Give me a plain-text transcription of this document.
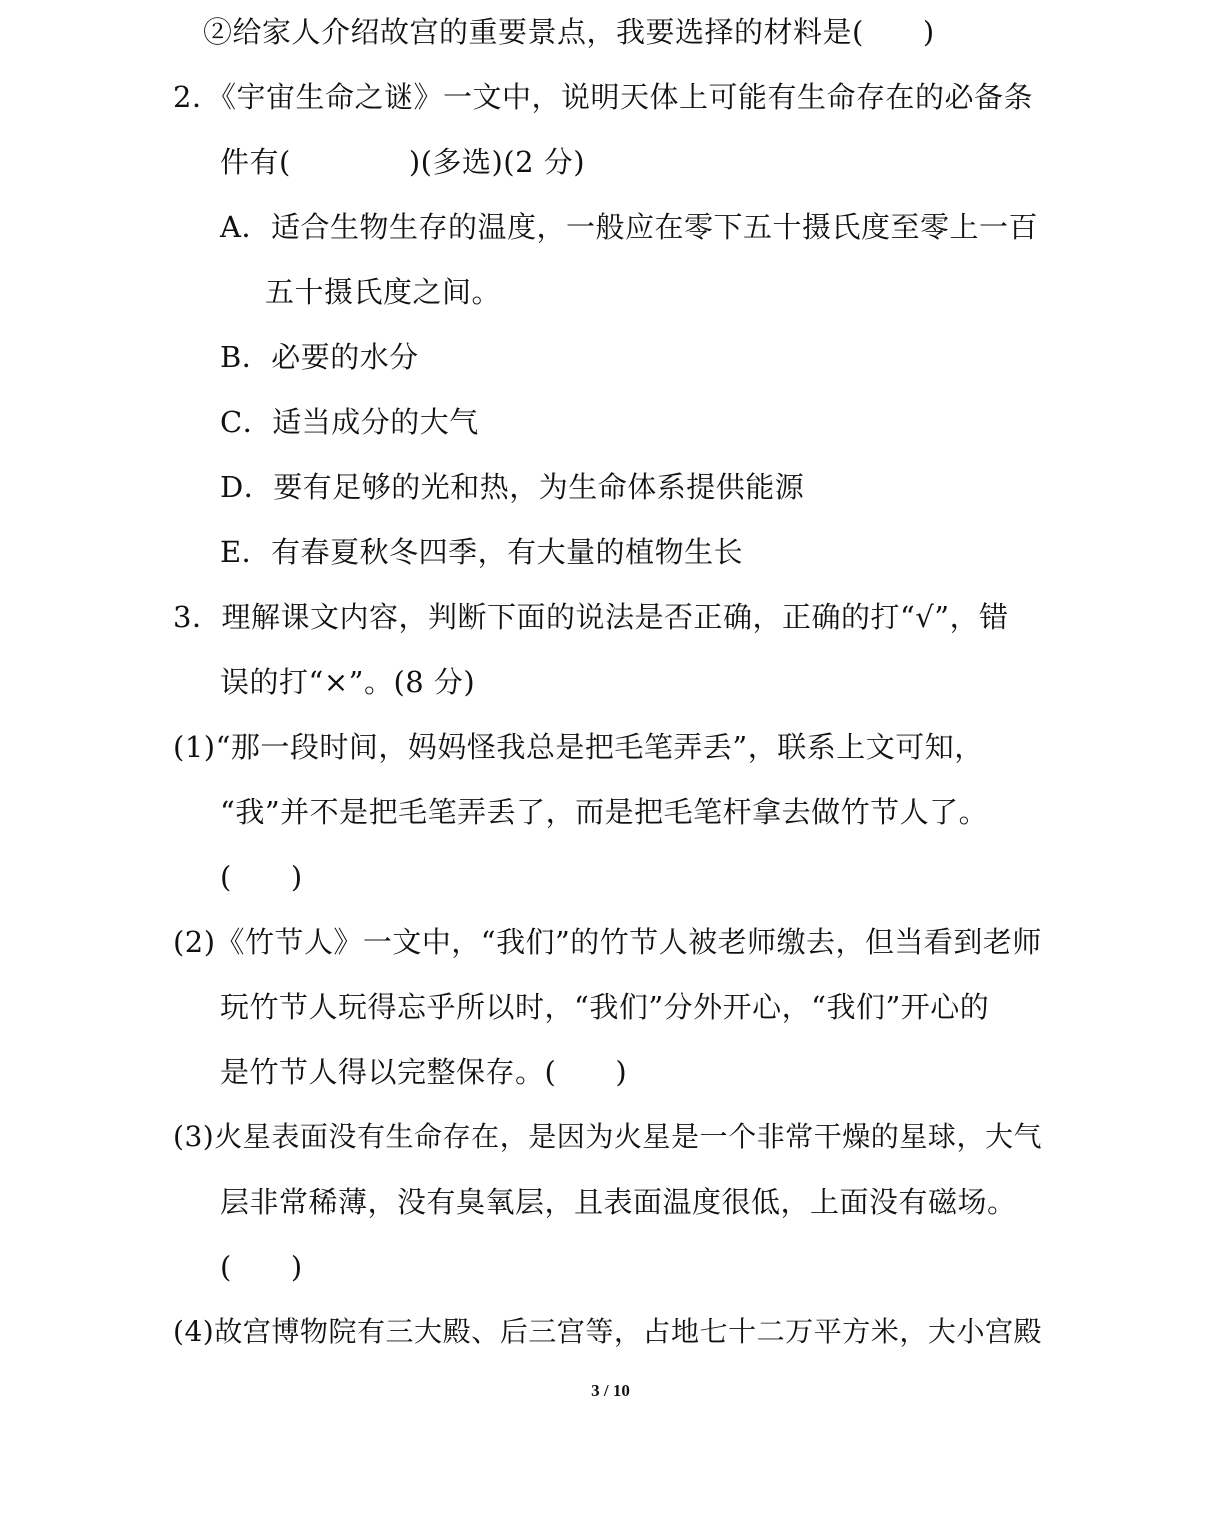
②给家人介绍故宫的重要景点，我要选择的材料是(　　)
2．《宇宙生命之谜》一文中，说明天体上可能有生命存在的必备条
件有(　　　　)(多选)(2 分)
A．适合生物生存的温度，一般应在零下五十摄氏度至零上一百
五十摄氏度之间。
B．必要的水分
C．适当成分的大气
D．要有足够的光和热，为生命体系提供能源
E．有春夏秋冬四季，有大量的植物生长
3．理解课文内容，判断下面的说法是否正确，正确的打“√”，错
误的打“×”。(8 分)
(1)“那一段时间，妈妈怪我总是把毛笔弄丢”，联系上文可知，
“我”并不是把毛笔弄丢了，而是把毛笔杆拿去做竹节人了。
(　　)
(2)《竹节人》一文中，“我们”的竹节人被老师缴去，但当看到老师
玩竹节人玩得忘乎所以时，“我们”分外开心，“我们”开心的
是竹节人得以完整保存。(　　)
(3)火星表面没有生命存在，是因为火星是一个非常干燥的星球，大气
层非常稀薄，没有臭氧层，且表面温度很低，上面没有磁场。
(　　)
(4)故宫博物院有三大殿、后三宫等，占地七十二万平方米，大小宫殿
3 / 10
